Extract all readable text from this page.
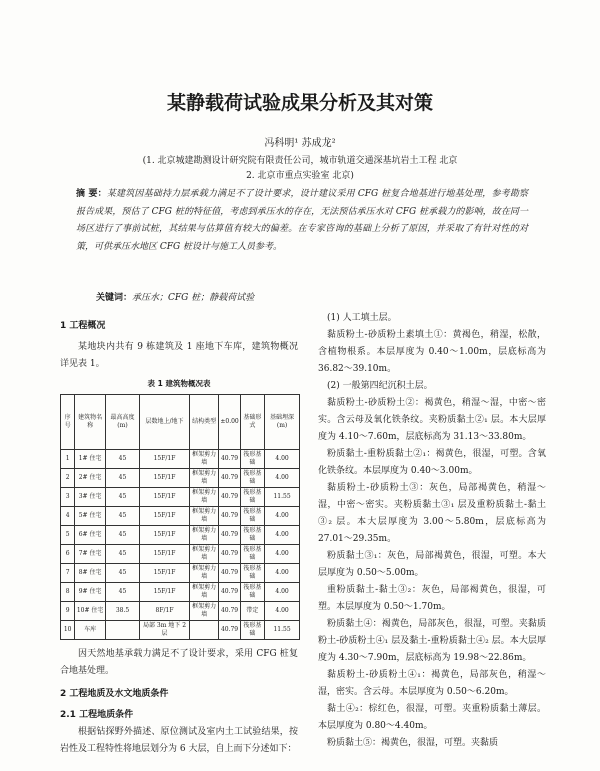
某静载荷试验成果分析及其对策
冯科明¹ 苏成龙²
(1. 北京城建勘测设计研究院有限责任公司，城市轨道交通深基坑岩土工程 北京
2. 北京市重点实验室 北京)
摘 要：某建筑因基础持力层承载力满足不了设计要求，设计建议采用 CFG 桩复合地基进行地基处理，参考勘察报告成果，预估了 CFG 桩的特征值，考虑到承压水的存在，无法预估承压水对 CFG 桩承载力的影响，故在同一场区进行了事前试桩，其结果与估算值有较大的偏差。在专家咨询的基础上分析了原因，并采取了有针对性的对策，可供承压水地区 CFG 桩设计与施工人员参考。
关键词：承压水；CFG 桩；静载荷试验
1 工程概况

某地块内共有 9 栋建筑及 1 座地下车库，建筑物概况详见表 1。

表 1 建筑物概况表
序号	建筑物名称	最高高度(m)	层数地上/地下	结构类型	±0.00	基础形式	基础埋深(m)
1	1# 住宅	45	15F/1F	框架剪力墙	40.79	筏形基础	4.00
2	2# 住宅	45	15F/1F	框架剪力墙	40.79	筏形基础	4.00
3	3# 住宅	45	15F/1F	框架剪力墙	40.79	筏形基础	11.55
4	5# 住宅	45	15F/1F	框架剪力墙	40.79	筏形基础	4.00
5	6# 住宅	45	15F/1F	框架剪力墙	40.79	筏形基础	4.00
6	7# 住宅	45	15F/1F	框架剪力墙	40.79	筏形基础	4.00
7	8# 住宅	45	15F/1F	框架剪力墙	40.79	筏形基础	4.00
8	9# 住宅	45	15F/1F	框架剪力墙	40.79	筏形基础	4.00
9	10# 住宅	38.5	8F/1F	框架剪力墙	40.79	带定	4.00
10	车库		局部 3m 地下 2 层		40.79	筏形基础	11.55

因天然地基承载力满足不了设计要求，采用 CFG 桩复合地基处理。

2 工程地质及水文地质条件
2.1 工程地质条件

根据钻探野外描述、原位测试及室内土工试验结果，按岩性及工程特性将地层划分为 6 大层，自上而下分述如下：

(1) 人工填土层。

黏质粉土-砂质粉土素填土①：黄褐色，稍湿，松散，含植物根系。本层厚度为 0.40～1.00m，层底标高为 36.82～39.10m。

(2) 一般第四纪沉积土层。

黏质粉土-砂质粉土②：褐黄色，稍湿～湿，中密～密实。含云母及氧化铁条纹。夹粉质黏土②₁ 层。本大层厚度为 4.10～7.60m，层底标高为 31.13～33.80m。

粉质黏土-重粉质黏土②₁：褐黄色，很湿，可塑。含氧化铁条纹。本层厚度为 0.40～3.00m。

黏质粉土-砂质粉土③：灰色，局部褐黄色，稍湿～湿，中密～密实。夹粉质黏土③₁ 层及重粉质黏土-黏土③₂ 层。本大层厚度为 3.00～5.80m，层底标高为 27.01～29.35m。

粉质黏土③₁：灰色，局部褐黄色，很湿，可塑。本大层厚度为 0.50～5.00m。

重粉质黏土-黏土③₂：灰色，局部褐黄色，很湿，可塑。本层厚度为 0.50～1.70m。

粉质黏土④：褐黄色，局部灰色，很湿，可塑。夹黏质粉土-砂质粉土④₁ 层及黏土-重粉质黏土④₂ 层。本大层厚度为 4.30～7.90m，层底标高为 19.98～22.86m。

黏质粉土-砂质粉土④₁：褐黄色，局部灰色，稍湿～湿，密实。含云母。本层厚度为 0.50～6.20m。

黏土④₂：棕红色，很湿，可塑。夹重粉质黏土薄层。本层厚度为 0.80～4.40m。

粉质黏土⑤：褐黄色，很湿，可塑。夹黏质
